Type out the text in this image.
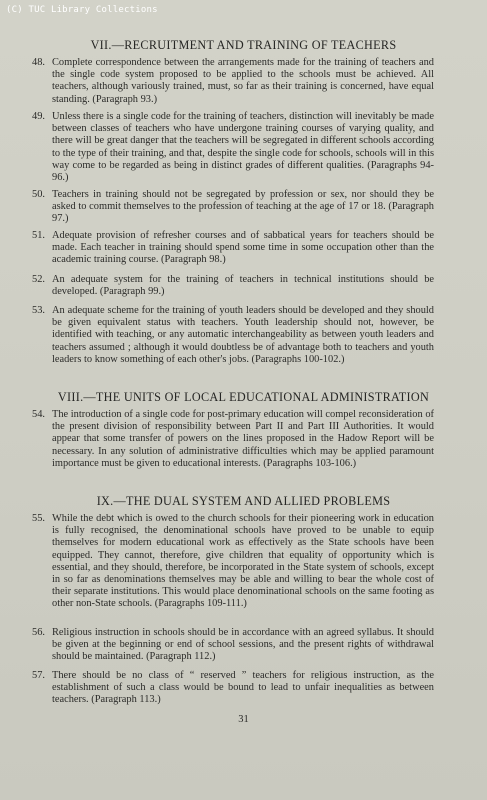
(C) TUC Library Collections
VII.—RECRUITMENT AND TRAINING OF TEACHERS
48. Complete correspondence between the arrangements made for the training of teachers and the single code system proposed to be applied to the schools must be achieved. All teachers, although variously trained, must, so far as their training is concerned, have equal standing. (Paragraph 93.)
49. Unless there is a single code for the training of teachers, distinction will inevitably be made between classes of teachers who have undergone training courses of varying quality, and there will be great danger that the teachers will be segregated in different schools according to the type of their training, and that, despite the single code for schools, schools will in this way come to be regarded as being in distinct grades of different qualities. (Paragraphs 94-96.)
50. Teachers in training should not be segregated by profession or sex, nor should they be asked to commit themselves to the profession of teaching at the age of 17 or 18. (Paragraph 97.)
51. Adequate provision of refresher courses and of sabbatical years for teachers should be made. Each teacher in training should spend some time in some occupation other than the academic training course. (Paragraph 98.)
52. An adequate system for the training of teachers in technical institutions should be developed. (Paragraph 99.)
53. An adequate scheme for the training of youth leaders should be developed and they should be given equivalent status with teachers. Youth leadership should not, however, be identified with teaching, or any automatic interchangeability as between youth leaders and teachers assumed ; although it would doubtless be of advantage both to teachers and youth leaders to know something of each other's jobs. (Paragraphs 100-102.)
VIII.—THE UNITS OF LOCAL EDUCATIONAL ADMINISTRATION
54. The introduction of a single code for post-primary education will compel reconsideration of the present division of responsibility between Part II and Part III Authorities. It would appear that some transfer of powers on the lines proposed in the Hadow Report will be necessary. In any solution of administrative difficulties which may be applied paramount importance must be given to educational interests. (Paragraphs 103-106.)
IX.—THE DUAL SYSTEM AND ALLIED PROBLEMS
55. While the debt which is owed to the church schools for their pioneering work in education is fully recognised, the denominational schools have proved to be unable to equip themselves for modern educational work as effectively as the State schools have been equipped. They cannot, therefore, give children that equality of opportunity which is essential, and they should, therefore, be incorporated in the State system of schools, except in so far as denominations themselves may be able and willing to bear the whole cost of their separate institutions. This would place denominational schools on the same footing as other non-State schools. (Paragraphs 109-111.)
56. Religious instruction in schools should be in accordance with an agreed syllabus. It should be given at the beginning or end of school sessions, and the present rights of withdrawal should be maintained. (Paragraph 112.)
57. There should be no class of “ reserved ” teachers for religious instruction, as the establishment of such a class would be bound to lead to unfair inequalities as between teachers. (Paragraph 113.)
31
